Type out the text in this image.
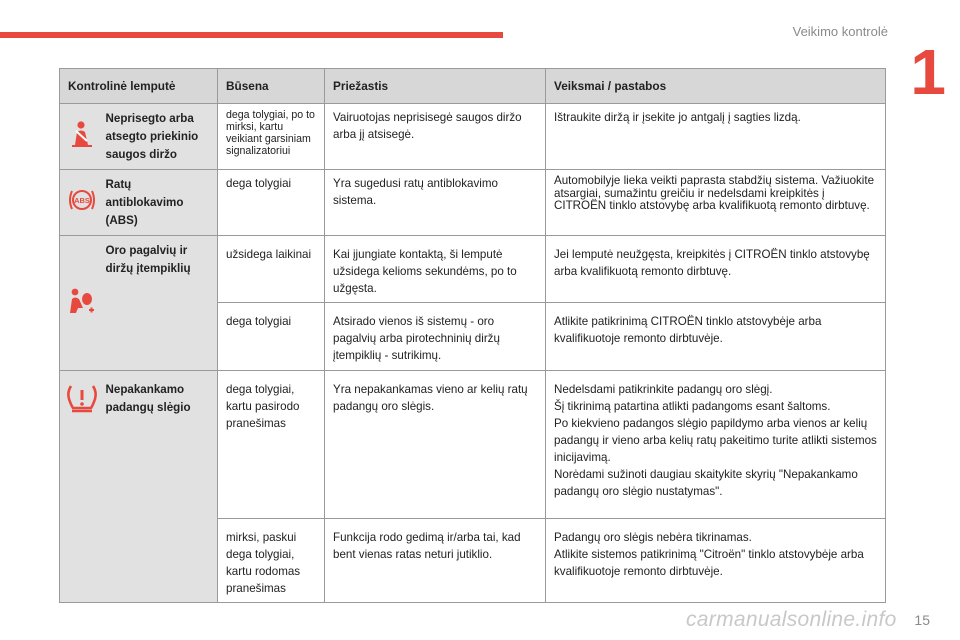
Veikimo kontrolė
1
Kontrolinė lemputė		Būsena	Priežastis	Veiksmai / pastabos
	Neprisegto arba atsegto priekinio saugos diržo	dega tolygiai, po to mirksi, kartu veikiant garsiniam signalizatoriui	Vairuotojas neprisisegė saugos diržo arba jį atsisegė.	Ištraukite diržą ir įsekite jo antgalį į sagties lizdą.

ABS	Ratų antiblokavimo (ABS)	dega tolygiai	Yra sugedusi ratų antiblokavimo sistema.	Automobilyje lieka veikti paprasta stabdžių sistema. Važiuokite atsargiai, sumažintu greičiu ir nedelsdami kreipkitės į CITROËN tinklo atstovybę arba kvalifikuotą remonto dirbtuvę.
	Oro pagalvių ir diržų įtempiklių	užsidega laikinai	Kai įjungiate kontaktą, ši lemputė užsidega kelioms sekundėms, po to užgęsta.	Jei lemputė neužgęsta, kreipkitės į CITROËN tinklo atstovybę arba kvalifikuotą remonto dirbtuvę.
		dega tolygiai	Atsirado vienos iš sistemų - oro pagalvių arba pirotechninių diržų įtempiklių - sutrikimų.	Atlikite patikrinimą CITROËN tinklo atstovybėje arba kvalifikuotoje remonto dirbtuvėje.
	Nepakankamo padangų slėgio	dega tolygiai, kartu pasirodo pranešimas	Yra nepakankamas vieno ar kelių ratų padangų oro slėgis.	Nedelsdami patikrinkite padangų oro slėgį.
Šį tikrinimą patartina atlikti padangoms esant šaltoms.
Po kiekvieno padangos slėgio papildymo arba vienos ar kelių padangų ir vieno arba kelių ratų pakeitimo turite atlikti sistemos inicijavimą.
Norėdami sužinoti daugiau skaitykite skyrių "Nepakankamo padangų oro slėgio nustatymas".

		mirksi, paskui dega tolygiai, kartu rodomas pranešimas	Funkcija rodo gedimą ir/arba tai, kad bent vienas ratas neturi jutiklio.	Padangų oro slėgis nebėra tikrinamas.
Atlikite sistemos patikrinimą "Citroën" tinklo atstovybėje arba kvalifikuotoje remonto dirbtuvėje.
carmanualsonline.info 15
